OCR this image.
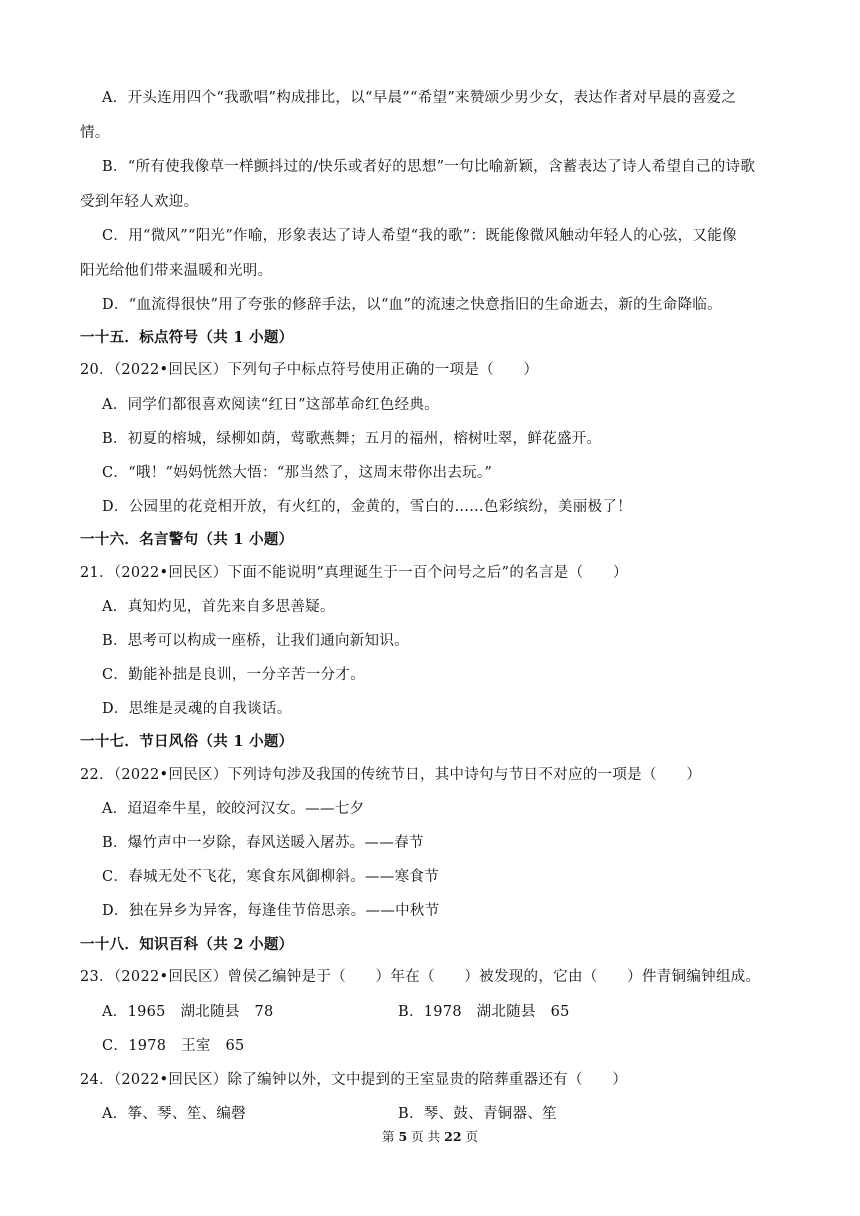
A．开头连用四个“我歌唱”构成排比，以“早晨”“希望”来赞颂少男少女，表达作者对早晨的喜爱之
情。
B．“所有使我像草一样颤抖过的/快乐或者好的思想”一句比喻新颖，含蓄表达了诗人希望自己的诗歌
受到年轻人欢迎。
C．用“微风”“阳光”作喻，形象表达了诗人希望“我的歌”：既能像微风触动年轻人的心弦，又能像
阳光给他们带来温暖和光明。
D．“血流得很快”用了夸张的修辞手法，以“血”的流速之快意指旧的生命逝去，新的生命降临。
一十五．标点符号（共 1 小题）
20．（2022•回民区）下列句子中标点符号使用正确的一项是（　　）
A．同学们都很喜欢阅读“红日”这部革命红色经典。
B．初夏的榕城，绿柳如荫，莺歌燕舞；五月的福州，榕树吐翠，鲜花盛开。
C．“哦！”妈妈恍然大悟：“那当然了，这周末带你出去玩。”
D．公园里的花竞相开放，有火红的，金黄的，雪白的……色彩缤纷，美丽极了！
一十六．名言警句（共 1 小题）
21．（2022•回民区）下面不能说明“真理诞生于一百个问号之后”的名言是（　　）
A．真知灼见，首先来自多思善疑。
B．思考可以构成一座桥，让我们通向新知识。
C．勤能补拙是良训，一分辛苦一分才。
D．思维是灵魂的自我谈话。
一十七．节日风俗（共 1 小题）
22．（2022•回民区）下列诗句涉及我国的传统节日，其中诗句与节日不对应的一项是（　　）
A．迢迢牵牛星，皎皎河汉女。——七夕
B．爆竹声中一岁除，春风送暖入屠苏。——春节
C．春城无处不飞花，寒食东风御柳斜。——寒食节
D．独在异乡为异客，每逢佳节倍思亲。——中秋节
一十八．知识百科（共 2 小题）
23．（2022•回民区）曾侯乙编钟是于（　　）年在（　　）被发现的，它由（　　）件青铜编钟组成。
A．1965　湖北随县　78	B．1978　湖北随县　65
C．1978　王室　65
24．（2022•回民区）除了编钟以外，文中提到的王室显贵的陪葬重器还有（　　）
A．筝、琴、笙、编磬	B．琴、鼓、青铜器、笙
第 5 页 共 22 页
